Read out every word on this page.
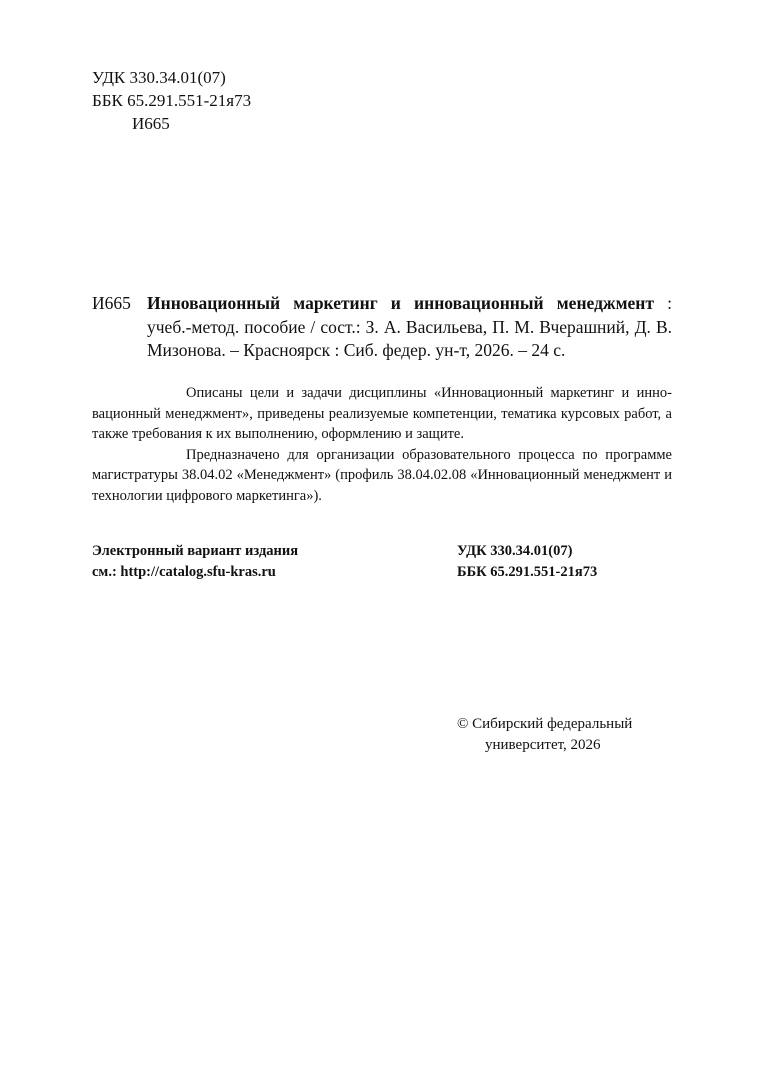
УДК 330.34.01(07)
ББК 65.291.551-21я73
И665
И665 Инновационный маркетинг и инновационный менеджмент : учеб.-метод. пособие / сост.: З. А. Васильева, П. М. Вчерашний, Д. В. Мизонова. – Красноярск : Сиб. федер. ун-т, 2026. – 24 с.

Описаны цели и задачи дисциплины «Инновационный маркетинг и инновационный менеджмент», приведены реализуемые компетенции, тематика курсовых работ, а также требования к их выполнению, оформлению и защите.

Предназначено для организации образовательного процесса по программе магистратуры 38.04.02 «Менеджмент» (профиль 38.04.02.08 «Инновационный менеджмент и технологии цифрового маркетинга»).

Электронный вариант издания
см.: http://catalog.sfu-kras.ru
УДК 330.34.01(07)
ББК 65.291.551-21я73
© Сибирский федеральный
университет, 2026
